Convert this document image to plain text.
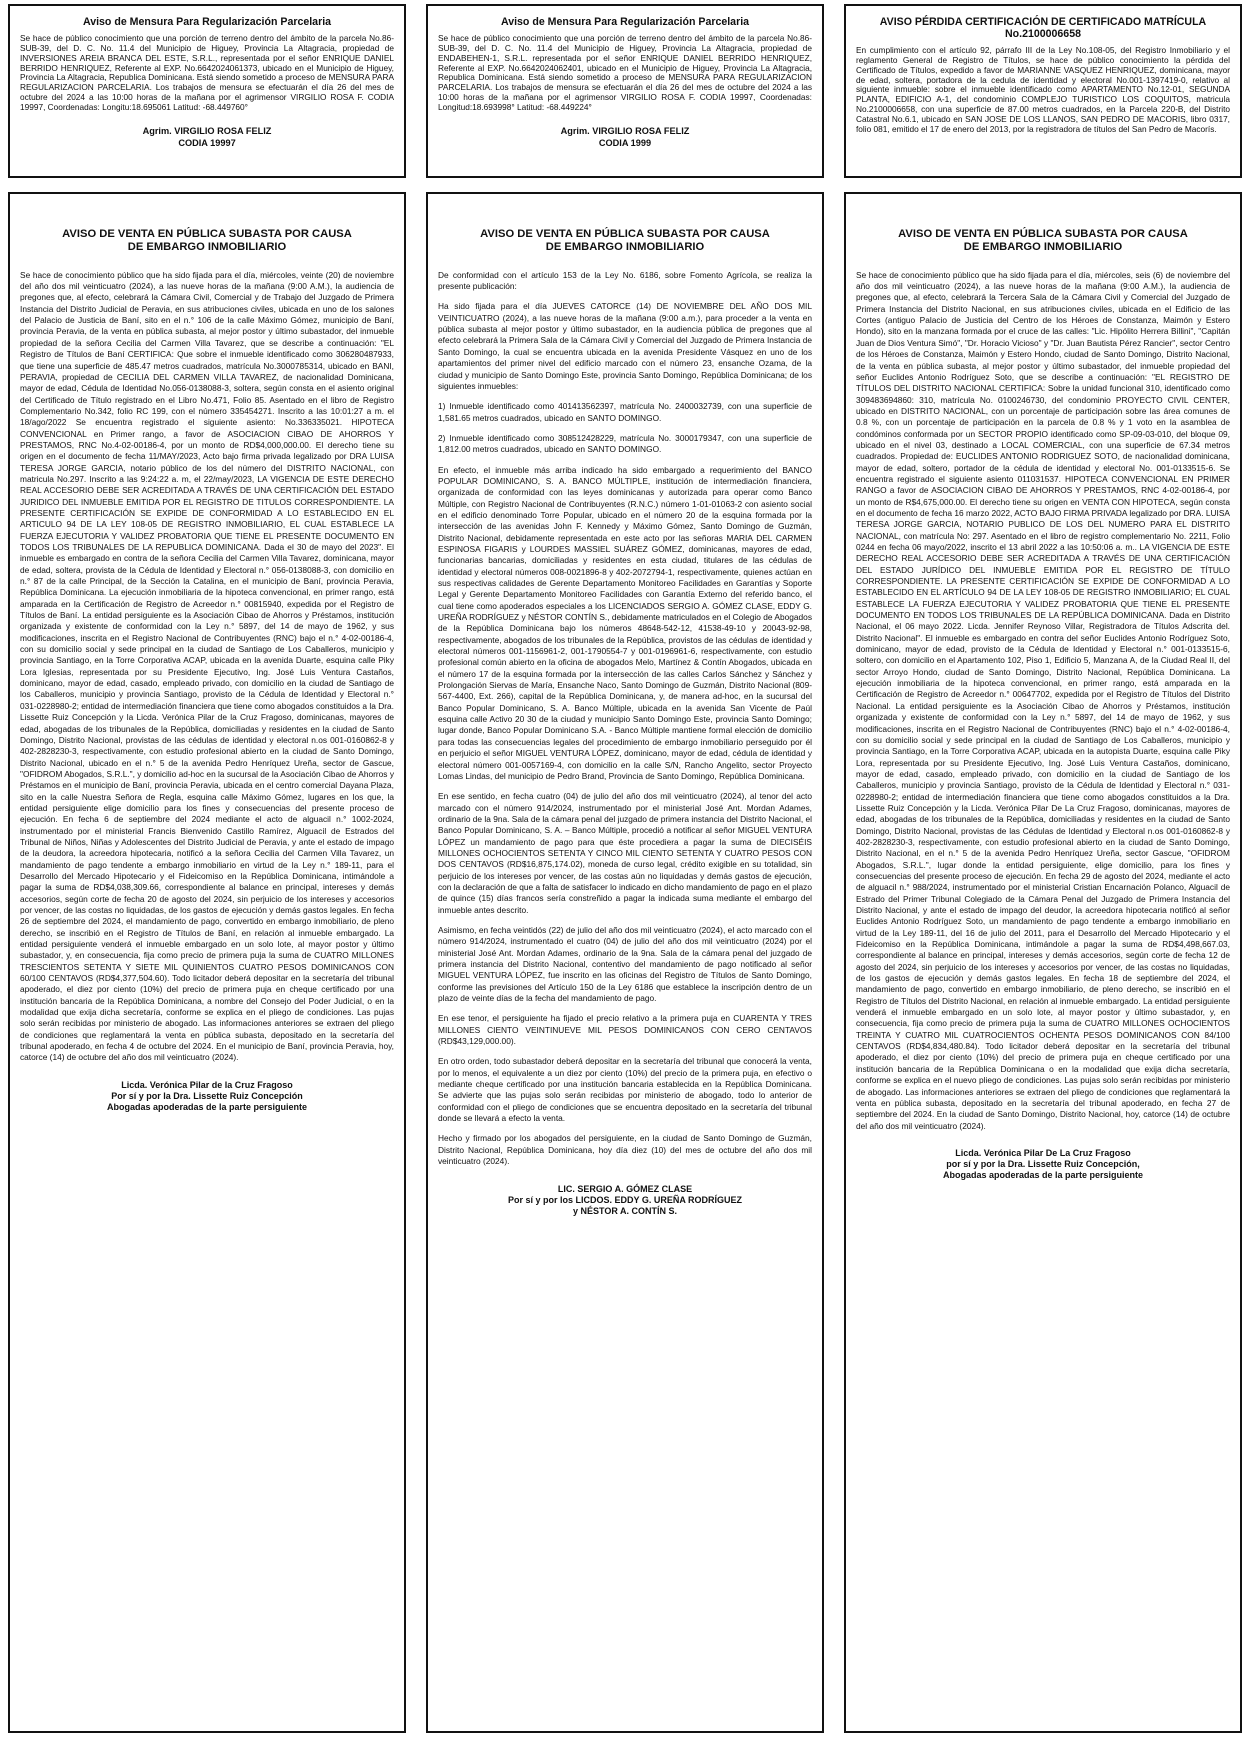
Aviso de Mensura Para Regularización Parcelaria

Se hace de público conocimiento que una porción de terreno dentro del ámbito de la parcela No.86-SUB-39, del D. C. No. 11.4 del Municipio de Higuey, Provincia La Altagracia, propiedad de INVERSIONES AREIA BRANCA DEL ESTE, S.R.L., representada por el señor ENRIQUE DANIEL BERRIDO HENRIQUEZ, Referente al EXP. No.6642024061373, ubicado en el Municipio de Higuey, Provincia La Altagracia, Republica Dominicana. Está siendo sometido a proceso de MENSURA PARA REGULARIZACION PARCELARIA. Los trabajos de mensura se efectuarán el día 26 del mes de octubre del 2024 a las 10:00 horas de la mañana por el agrimensor VIRGILIO ROSA F. CODIA 19997, Coordenadas: Longitu:18.695061 Latitud: -68.449760°

Agrim. VIRGILIO ROSA FELIZ
CODIA 19997
Aviso de Mensura Para Regularización Parcelaria

Se hace de público conocimiento que una porción de terreno dentro del ámbito de la parcela No.86-SUB-39, del D. C. No. 11.4 del Municipio de Higuey, Provincia La Altagracia, propiedad de ENDABEHEN-1, S.R.L. representada por el señor ENRIQUE DANIEL BERRIDO HENRIQUEZ, Referente al EXP. No.6642024062401, ubicado en el Municipio de Higuey, Provincia La Altagracia, Republica Dominicana. Está siendo sometido a proceso de MENSURA PARA REGULARIZACION PARCELARIA. Los trabajos de mensura se efectuarán el día 26 del mes de octubre del 2024 a las 10:00 horas de la mañana por el agrimensor VIRGILIO ROSA F. CODIA 19997, Coordenadas: Longitud:18.693998° Latitud: -68.449224°

Agrim. VIRGILIO ROSA FELIZ
CODIA 1999
AVISO PÉRDIDA CERTIFICACIÓN DE CERTIFICADO MATRÍCULA No.2100006658

En cumplimiento con el artículo 92, párrafo III de la Ley No.108-05, del Registro Inmobiliario y el reglamento General de Registro de Títulos, se hace de público conocimiento la pérdida del Certificado de Títulos, expedido a favor de MARIANNE VASQUEZ HENRIQUEZ, dominicana, mayor de edad, soltera, portadora de la cedula de identidad y electoral No.001-1397419-0, relativo al siguiente inmueble: sobre el inmueble identificado como APARTAMENTO No.12-01, SEGUNDA PLANTA, EDIFICIO A-1, del condominio COMPLEJO TURISTICO LOS COQUITOS, matricula No.2100006658, con una superficie de 87.00 metros cuadrados, en la Parcela 220-B, del Distrito Catastral No.6.1, ubicado en SAN JOSE DE LOS LLANOS, SAN PEDRO DE MACORIS, libro 0317, folio 081, emitido el 17 de enero del 2013, por la registradora de títulos del San Pedro de Macorís.

AVISO DE VENTA EN PÚBLICA SUBASTA POR CAUSA
DE EMBARGO INMOBILIARIO

Se hace de conocimiento público que ha sido fijada para el día, miércoles, veinte (20) de noviembre del año dos mil veinticuatro (2024), a las nueve horas de la mañana (9:00 A.M.), la audiencia de pregones que, al efecto, celebrará la Cámara Civil, Comercial y de Trabajo del Juzgado de Primera Instancia del Distrito Judicial de Peravia, en sus atribuciones civiles, ubicada en uno de los salones del Palacio de Justicia de Baní, sito en el n.° 106 de la calle Máximo Gómez, municipio de Baní, provincia Peravia, de la venta en pública subasta, al mejor postor y último subastador, del inmueble propiedad de la señora Cecilia del Carmen Villa Tavarez, que se describe a continuación: "EL Registro de Títulos de Baní CERTIFICA: Que sobre el inmueble identificado como 306280487933, que tiene una superficie de 485.47 metros cuadrados, matrícula No.3000785314, ubicado en BANI, PERAVIA, propiedad de CECILIA DEL CARMEN VILLA TAVAREZ, de nacionalidad Dominicana, mayor de edad, Cédula de Identidad No.056-0138088-3, soltera, según consta en el asiento original del Certificado de Título registrado en el Libro No.471, Folio 85. Asentado en el libro de Registro Complementario No.342, folio RC 199, con el número 335454271. Inscrito a las 10:01:27 a m. el 18/ago/2022 Se encuentra registrado el siguiente asiento: No.336335021. HIPOTECA CONVENCIONAL en Primer rango, a favor de ASOCIACION CIBAO DE AHORROS Y PRESTAMOS, RNC No.4-02-00186-4, por un monto de RD$4,000,000.00. El derecho tiene su origen en el documento de fecha 11/MAY/2023, Acto bajo firma privada legalizado por DRA LUISA TERESA JORGE GARCIA, notario público de los del número del DISTRITO NACIONAL, con matricula No.297. Inscrito a las 9:24:22 a. m, el 22/may/2023, LA VIGENCIA DE ESTE DERECHO REAL ACCESORIO DEBE SER ACREDITADA A TRAVÉS DE UNA CERTIFICACIÓN DEL ESTADO JURIDICO DEL INMUEBLE EMITIDA POR EL REGISTRO DE TITULOS CORRESPONDIENTE. LA PRESENTE CERTIFICACIÓN SE EXPIDE DE CONFORMIDAD A LO ESTABLECIDO EN EL ARTICULO 94 DE LA LEY 108-05 DE REGISTRO INMOBILIARIO, EL CUAL ESTABLECE LA FUERZA EJECUTORIA Y VALIDEZ PROBATORIA QUE TIENE EL PRESENTE DOCUMENTO EN TODOS LOS TRIBUNALES DE LA REPUBLICA DOMINICANA. Dada el 30 de mayo del 2023". El inmueble es embargado en contra de la señora Cecilia del Carmen Villa Tavarez, dominicana, mayor de edad, soltera, provista de la Cédula de Identidad y Electoral n.° 056-0138088-3, con domicilio en n.° 87 de la calle Principal, de la Sección la Catalina, en el municipio de Baní, provincia Peravia, República Dominicana. La ejecución inmobiliaria de la hipoteca convencional, en primer rango, está amparada en la Certificación de Registro de Acreedor n.° 00815940, expedida por el Registro de Títulos de Baní. La entidad persiguiente es la Asociación Cibao de Ahorros y Préstamos, institución organizada y existente de conformidad con la Ley n.° 5897, del 14 de mayo de 1962, y sus modificaciones, inscrita en el Registro Nacional de Contribuyentes (RNC) bajo el n.° 4-02-00186-4, con su domicilio social y sede principal en la ciudad de Santiago de Los Caballeros, municipio y provincia Santiago, en la Torre Corporativa ACAP, ubicada en la avenida Duarte, esquina calle Piky Lora Iglesias, representada por su Presidente Ejecutivo, Ing. José Luis Ventura Castaños, dominicano, mayor de edad, casado, empleado privado, con domicilio en la ciudad de Santiago de los Caballeros, municipio y provincia Santiago, provisto de la Cédula de Identidad y Electoral n.° 031-0228980-2; entidad de intermediación financiera que tiene como abogados constituidos a la Dra. Lissette Ruiz Concepción y la Licda. Verónica Pilar de la Cruz Fragoso, dominicanas, mayores de edad, abogadas de los tribunales de la República, domiciliadas y residentes en la ciudad de Santo Domingo, Distrito Nacional, provistas de las cédulas de identidad y electoral n.os 001-0160862-8 y 402-2828230-3, respectivamente, con estudio profesional abierto en la ciudad de Santo Domingo, Distrito Nacional, ubicado en el n.° 5 de la avenida Pedro Henríquez Ureña, sector de Gascue, "OFIDROM Abogados, S.R.L.", y domicilio ad-hoc en la sucursal de la Asociación Cibao de Ahorros y Préstamos en el municipio de Baní, provincia Peravia, ubicada en el centro comercial Dayana Plaza, sito en la calle Nuestra Señora de Regla, esquina calle Máximo Gómez, lugares en los que, la entidad persiguiente elige domicilio para los fines y consecuencias del presente proceso de ejecución. En fecha 6 de septiembre del 2024 mediante el acto de alguacil n.° 1002-2024, instrumentado por el ministerial Francis Bienvenido Castillo Ramírez, Alguacil de Estrados del Tribunal de Niños, Niñas y Adolescentes del Distrito Judicial de Peravia, y ante el estado de impago de la deudora, la acreedora hipotecaria, notificó a la señora Cecilia del Carmen Villa Tavarez, un mandamiento de pago tendente a embargo inmobiliario en virtud de la Ley n.° 189-11, para el Desarrollo del Mercado Hipotecario y el Fideicomiso en la República Dominicana, intimándole a pagar la suma de RD$4,038,309.66, correspondiente al balance en principal, intereses y demás accesorios, según corte de fecha 20 de agosto del 2024, sin perjuicio de los intereses y accesorios por vencer, de las costas no liquidadas, de los gastos de ejecución y demás gastos legales. En fecha 26 de septiembre del 2024, el mandamiento de pago, convertido en embargo inmobiliario, de pleno derecho, se inscribió en el Registro de Títulos de Baní, en relación al inmueble embargado. La entidad persiguiente venderá el inmueble embargado en un solo lote, al mayor postor y último subastador, y, en consecuencia, fija como precio de primera puja la suma de CUATRO MILLONES TRESCIENTOS SETENTA Y SIETE MIL QUINIENTOS CUATRO PESOS DOMINICANOS CON 60/100 CENTAVOS (RD$4,377,504.60). Todo licitador deberá depositar en la secretaría del tribunal apoderado, el diez por ciento (10%) del precio de primera puja en cheque certificado por una institución bancaria de la República Dominicana, a nombre del Consejo del Poder Judicial, o en la modalidad que exija dicha secretaría, conforme se explica en el pliego de condiciones. Las pujas solo serán recibidas por ministerio de abogado. Las informaciones anteriores se extraen del pliego de condiciones que reglamentará la venta en pública subasta, depositado en la secretaría del tribunal apoderado, en fecha 4 de octubre del 2024. En el municipio de Baní, provincia Peravia, hoy, catorce (14) de octubre del año dos mil veinticuatro (2024).

Licda. Verónica Pilar de la Cruz Fragoso
Por sí y por la Dra. Lissette Ruiz Concepción
Abogadas apoderadas de la parte persiguiente
AVISO DE VENTA EN PÚBLICA SUBASTA POR CAUSA
DE EMBARGO INMOBILIARIO

De conformidad con el artículo 153 de la Ley No. 6186, sobre Fomento Agrícola, se realiza la presente publicación:

Ha sido fijada para el día JUEVES CATORCE (14) DE NOVIEMBRE DEL AÑO DOS MIL VEINTICUATRO (2024), a las nueve horas de la mañana (9:00 a.m.), para proceder a la venta en pública subasta al mejor postor y último subastador, en la audiencia pública de pregones que al efecto celebrará la Primera Sala de la Cámara Civil y Comercial del Juzgado de Primera Instancia de Santo Domingo, la cual se encuentra ubicada en la avenida Presidente Vásquez en uno de los apartamientos del primer nivel del edificio marcado con el número 23, ensanche Ozama, de la ciudad y municipio de Santo Domingo Este, provincia Santo Domingo, República Dominicana; de los siguientes inmuebles:

1) Inmueble identificado como 401413562397, matrícula No. 2400032739, con una superficie de 1,581.65 metros cuadrados, ubicado en SANTO DOMINGO.

2) Inmueble identificado como 308512428229, matrícula No. 3000179347, con una superficie de 1,812.00 metros cuadrados, ubicado en SANTO DOMINGO.

En efecto, el inmueble más arriba indicado ha sido embargado a requerimiento del BANCO POPULAR DOMINICANO, S. A. BANCO MÚLTIPLE, institución de intermediación financiera, organizada de conformidad con las leyes dominicanas y autorizada para operar como Banco Múltiple, con Registro Nacional de Contribuyentes (R.N.C.) número 1-01-01063-2 con asiento social en el edificio denominado Torre Popular, ubicado en el número 20 de la esquina formada por la intersección de las avenidas John F. Kennedy y Máximo Gómez, Santo Domingo de Guzmán, Distrito Nacional, debidamente representada en este acto por las señoras MARIA DEL CARMEN ESPINOSA FIGARIS y LOURDES MASSIEL SUÁREZ GÓMEZ, dominicanas, mayores de edad, funcionarias bancarias, domiciliadas y residentes en esta ciudad, titulares de las cédulas de identidad y electoral números 008-0021896-8 y 402-2072794-1, respectivamente, quienes actúan en sus respectivas calidades de Gerente Departamento Monitoreo Facilidades en Garantías y Soporte Legal y Gerente Departamento Monitoreo Facilidades con Garantía Externo del referido banco, el cual tiene como apoderados especiales a los LICENCIADOS SERGIO A. GÓMEZ CLASE, EDDY G. UREÑA RODRÍGUEZ y NÉSTOR CONTÍN S., debidamente matriculados en el Colegio de Abogados de la República Dominicana bajo los números 48648-542-12, 41538-49-10 y 20043-92-98, respectivamente, abogados de los tribunales de la República, provistos de las cédulas de identidad y electoral números 001-1156961-2, 001-1790554-7 y 001-0196961-6, respectivamente, con estudio profesional común abierto en la oficina de abogados Melo, Martínez & Contín Abogados, ubicada en el número 17 de la esquina formada por la intersección de las calles Carlos Sánchez y Sánchez y Prolongación Siervas de María, Ensanche Naco, Santo Domingo de Guzmán, Distrito Nacional (809-567-4400, Ext. 266), capital de la República Dominicana, y, de manera ad-hoc, en la sucursal del Banco Popular Dominicano, S. A. Banco Múltiple, ubicada en la avenida San Vicente de Paúl esquina calle Activo 20 30 de la ciudad y municipio Santo Domingo Este, provincia Santo Domingo; lugar donde, Banco Popular Dominicano S.A. - Banco Múltiple mantiene formal elección de domicilio para todas las consecuencias legales del procedimiento de embargo inmobiliario perseguido por él en perjuicio el señor MIGUEL VENTURA LÓPEZ, dominicano, mayor de edad, cédula de identidad y electoral número 001-0057169-4, con domicilio en la calle S/N, Rancho Angelito, sector Proyecto Lomas Lindas, del municipio de Pedro Brand, Provincia de Santo Domingo, República Dominicana.

En ese sentido, en fecha cuatro (04) de julio del año dos mil veinticuatro (2024), al tenor del acto marcado con el número 914/2024, instrumentado por el ministerial José Ant. Mordan Adames, ordinario de la 9na. Sala de la cámara penal del juzgado de primera instancia del Distrito Nacional, el Banco Popular Dominicano, S. A. – Banco Múltiple, procedió a notificar al señor MIGUEL VENTURA LÓPEZ un mandamiento de pago para que éste procediera a pagar la suma de DIECISÉIS MILLONES OCHOCIENTOS SETENTA Y CINCO MIL CIENTO SETENTA Y CUATRO PESOS CON DOS CENTAVOS (RD$16,875,174.02), moneda de curso legal, crédito exigible en su totalidad, sin perjuicio de los intereses por vencer, de las costas aún no liquidadas y demás gastos de ejecución, con la declaración de que a falta de satisfacer lo indicado en dicho mandamiento de pago en el plazo de quince (15) días francos sería constreñido a pagar la indicada suma mediante el embargo del inmueble antes descrito.

Asimismo, en fecha veintidós (22) de julio del año dos mil veinticuatro (2024), el acto marcado con el número 914/2024, instrumentado el cuatro (04) de julio del año dos mil veinticuatro (2024) por el ministerial José Ant. Mordan Adames, ordinario de la 9na. Sala de la cámara penal del juzgado de primera instancia del Distrito Nacional, contentivo del mandamiento de pago notificado al señor MIGUEL VENTURA LÓPEZ, fue inscrito en las oficinas del Registro de Títulos de Santo Domingo, conforme las previsiones del Artículo 150 de la Ley 6186 que establece la inscripción dentro de un plazo de veinte días de la fecha del mandamiento de pago.

En ese tenor, el persiguiente ha fijado el precio relativo a la primera puja en CUARENTA Y TRES MILLONES CIENTO VEINTINUEVE MIL PESOS DOMINICANOS CON CERO CENTAVOS (RD$43,129,000.00).

En otro orden, todo subastador deberá depositar en la secretaría del tribunal que conocerá la venta, por lo menos, el equivalente a un diez por ciento (10%) del precio de la primera puja, en efectivo o mediante cheque certificado por una institución bancaria establecida en la República Dominicana. Se advierte que las pujas solo serán recibidas por ministerio de abogado, todo lo anterior de conformidad con el pliego de condiciones que se encuentra depositado en la secretaría del tribunal donde se llevará a efecto la venta.

Hecho y firmado por los abogados del persiguiente, en la ciudad de Santo Domingo de Guzmán, Distrito Nacional, República Dominicana, hoy día diez (10) del mes de octubre del año dos mil veinticuatro (2024).

LIC. SERGIO A. GÓMEZ CLASE
Por sí y por los LICDOS. EDDY G. UREÑA RODRÍGUEZ
y NÉSTOR A. CONTÍN S.
AVISO DE VENTA EN PÚBLICA SUBASTA POR CAUSA
DE EMBARGO INMOBILIARIO

Se hace de conocimiento público que ha sido fijada para el día, miércoles, seis (6) de noviembre del año dos mil veinticuatro (2024), a las nueve horas de la mañana (9:00 A.M.), la audiencia de pregones que, al efecto, celebrará la Tercera Sala de la Cámara Civil y Comercial del Juzgado de Primera Instancia del Distrito Nacional, en sus atribuciones civiles, ubicada en el Edificio de las Cortes (antiguo Palacio de Justicia del Centro de los Héroes de Constanza, Maimón y Estero Hondo), sito en la manzana formada por el cruce de las calles: "Lic. Hipólito Herrera Billini", "Capitán Juan de Dios Ventura Simó", "Dr. Horacio Vicioso" y "Dr. Juan Bautista Pérez Rancier", sector Centro de los Héroes de Constanza, Maimón y Estero Hondo, ciudad de Santo Domingo, Distrito Nacional, de la venta en pública subasta, al mejor postor y último subastador, del inmueble propiedad del señor Euclides Antonio Rodríguez Soto, que se describe a continuación: "EL REGISTRO DE TÍTULOS DEL DISTRITO NACIONAL CERTIFICA: Sobre la unidad funcional 310, identificado como 309483694860: 310, matrícula No. 0100246730, del condominio PROYECTO CIVIL CENTER, ubicado en DISTRITO NACIONAL, con un porcentaje de participación sobre las área comunes de 0.8 %, con un porcentaje de participación en la parcela de 0.8 % y 1 voto en la asamblea de condóminos conformada por un SECTOR PROPIO identificado como SP-09-03-010, del bloque 09, ubicado en el nivel 03, destinado a LOCAL COMERCIAL, con una superficie de 67.34 metros cuadrados. Propiedad de: EUCLIDES ANTONIO RODRIGUEZ SOTO, de nacionalidad dominicana, mayor de edad, soltero, portador de la cédula de identidad y electoral No. 001-0133515-6. Se encuentra registrado el siguiente asiento 011031537. HIPOTECA CONVENCIONAL EN PRIMER RANGO a favor de ASOCIACION CIBAO DE AHORROS Y PRESTAMOS, RNC 4-02-00186-4, por un monto de R$4,675,000.00. El derecho tiene su origen en VENTA CON HIPOTECA, según consta en el documento de fecha 16 marzo 2022, ACTO BAJO FIRMA PRIVADA legalizado por DRA. LUISA TERESA JORGE GARCIA, NOTARIO PUBLICO DE LOS DEL NUMERO PARA EL DISTRITO NACIONAL, con matrícula No: 297. Asentado en el libro de registro complementario No. 2211, Folio 0244 en fecha 06 mayo/2022, inscrito el 13 abril 2022 a las 10:50:06 a. m.. LA VIGENCIA DE ESTE DERECHO REAL ACCESORIO DEBE SER ACREDITADA A TRAVÉS DE UNA CERTIFICACIÓN DEL ESTADO JURÍDICO DEL INMUEBLE EMITIDA POR EL REGISTRO DE TÍTULO CORRESPONDIENTE. LA PRESENTE CERTIFICACIÓN SE EXPIDE DE CONFORMIDAD A LO ESTABLECIDO EN EL ARTÍCULO 94 DE LA LEY 108-05 DE REGISTRO INMOBILIARIO; EL CUAL ESTABLECE LA FUERZA EJECUTORIA Y VALIDEZ PROBATORIA QUE TIENE EL PRESENTE DOCUMENTO EN TODOS LOS TRIBUNALES DE LA REPÚBLICA DOMINICANA. Dada en Distrito Nacional, el 06 mayo 2022. Licda. Jennifer Reynoso Villar, Registradora de Títulos Adscrita del. Distrito Nacional". El inmueble es embargado en contra del señor Euclides Antonio Rodríguez Soto, dominicano, mayor de edad, provisto de la Cédula de Identidad y Electoral n.° 001-0133515-6, soltero, con domicilio en el Apartamento 102, Piso 1, Edificio 5, Manzana A, de la Ciudad Real II, del sector Arroyo Hondo, ciudad de Santo Domingo, Distrito Nacional, República Dominicana. La ejecución inmobiliaria de la hipoteca convencional, en primer rango, está amparada en la Certificación de Registro de Acreedor n.° 00647702, expedida por el Registro de Títulos del Distrito Nacional. La entidad persiguiente es la Asociación Cibao de Ahorros y Préstamos, institución organizada y existente de conformidad con la Ley n.° 5897, del 14 de mayo de 1962, y sus modificaciones, inscrita en el Registro Nacional de Contribuyentes (RNC) bajo el n.° 4-02-00186-4, con su domicilio social y sede principal en la ciudad de Santiago de Los Caballeros, municipio y provincia Santiago, en la Torre Corporativa ACAP, ubicada en la autopista Duarte, esquina calle Piky Lora, representada por su Presidente Ejecutivo, Ing. José Luis Ventura Castaños, dominicano, mayor de edad, casado, empleado privado, con domicilio en la ciudad de Santiago de los Caballeros, municipio y provincia Santiago, provisto de la Cédula de Identidad y Electoral n.° 031-0228980-2; entidad de intermediación financiera que tiene como abogados constituidos a la Dra. Lissette Ruiz Concepción y la Licda. Verónica Pilar De La Cruz Fragoso, dominicanas, mayores de edad, abogadas de los tribunales de la República, domiciliadas y residentes en la ciudad de Santo Domingo, Distrito Nacional, provistas de las Cédulas de Identidad y Electoral n.os 001-0160862-8 y 402-2828230-3, respectivamente, con estudio profesional abierto en la ciudad de Santo Domingo, Distrito Nacional, en el n.° 5 de la avenida Pedro Henríquez Ureña, sector Gascue, "OFIDROM Abogados, S.R.L.", lugar donde la entidad persiguiente, elige domicilio, para los fines y consecuencias del presente proceso de ejecución. En fecha 29 de agosto del 2024, mediante el acto de alguacil n.° 988/2024, instrumentado por el ministerial Cristian Encarnación Polanco, Alguacil de Estrado del Primer Tribunal Colegiado de la Cámara Penal del Juzgado de Primera Instancia del Distrito Nacional, y ante el estado de impago del deudor, la acreedora hipotecaria notificó al señor Euclides Antonio Rodríguez Soto, un mandamiento de pago tendente a embargo inmobiliario en virtud de la Ley 189-11, del 16 de julio del 2011, para el Desarrollo del Mercado Hipotecario y el Fideicomiso en la República Dominicana, intimándole a pagar la suma de RD$4,498,667.03, correspondiente al balance en principal, intereses y demás accesorios, según corte de fecha 12 de agosto del 2024, sin perjuicio de los intereses y accesorios por vencer, de las costas no liquidadas, de los gastos de ejecución y demás gastos legales. En fecha 18 de septiembre del 2024, el mandamiento de pago, convertido en embargo inmobiliario, de pleno derecho, se inscribió en el Registro de Títulos del Distrito Nacional, en relación al inmueble embargado. La entidad persiguiente venderá el inmueble embargado en un solo lote, al mayor postor y último subastador, y, en consecuencia, fija como precio de primera puja la suma de CUATRO MILLONES OCHOCIENTOS TREINTA Y CUATRO MIL CUATROCIENTOS OCHENTA PESOS DOMINICANOS CON 84/100 CENTAVOS (RD$4,834,480.84). Todo licitador deberá depositar en la secretaría del tribunal apoderado, el diez por ciento (10%) del precio de primera puja en cheque certificado por una institución bancaria de la República Dominicana o en la modalidad que exija dicha secretaría, conforme se explica en el nuevo pliego de condiciones. Las pujas solo serán recibidas por ministerio de abogado. Las informaciones anteriores se extraen del pliego de condiciones que reglamentará la venta en pública subasta, depositado en la secretaría del tribunal apoderado, en fecha 27 de septiembre del 2024. En la ciudad de Santo Domingo, Distrito Nacional, hoy, catorce (14) de octubre del año dos mil veinticuatro (2024).

Licda. Verónica Pilar De La Cruz Fragoso
por sí y por la Dra. Lissette Ruiz Concepción,
Abogadas apoderadas de la parte persiguiente
